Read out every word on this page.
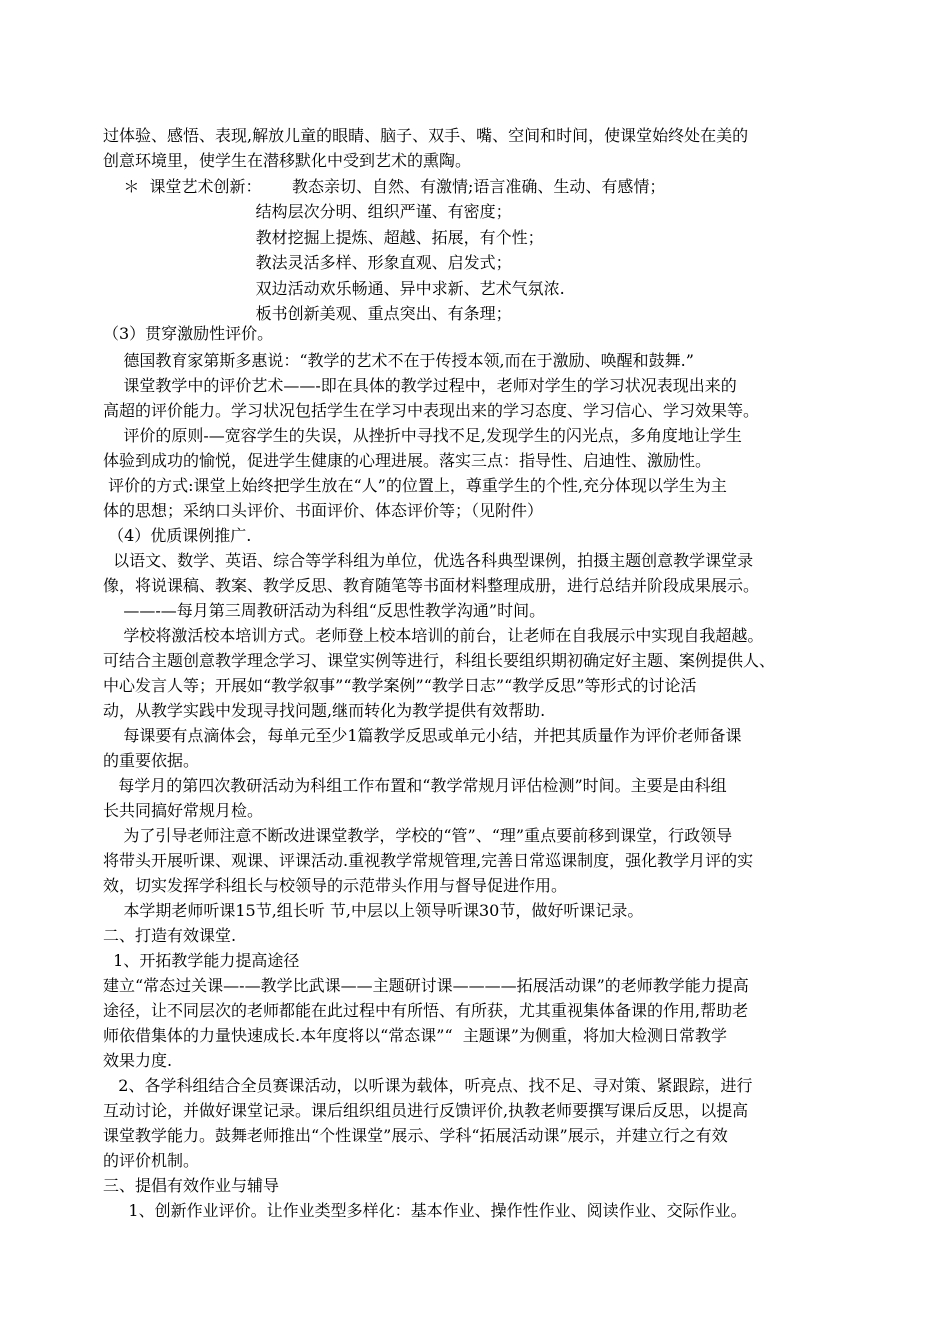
过体验、感悟、表现,解放儿童的眼睛、脑子、双手、嘴、空间和时间，使课堂始终处在美的
创意环境里，使学生在潜移默化中受到艺术的熏陶。
＊  课堂艺术创新：      教态亲切、自然、有激情;语言准确、生动、有感情；
结构层次分明、组织严谨、有密度；
教材挖掘上提炼、超越、拓展，有个性；
教法灵活多样、形象直观、启发式；
双边活动欢乐畅通、异中求新、艺术气氛浓.
板书创新美观、重点突出、有条理；
（3）贯穿激励性评价。
德国教育家第斯多惠说：“教学的艺术不在于传授本领,而在于激励、唤醒和鼓舞.”
课堂教学中的评价艺术——-即在具体的教学过程中，老师对学生的学习状况表现出来的
高超的评价能力。学习状况包括学生在学习中表现出来的学习态度、学习信心、学习效果等。
评价的原则-—宽容学生的失误，从挫折中寻找不足,发现学生的闪光点，多角度地让学生
体验到成功的愉悦，促进学生健康的心理进展。落实三点：指导性、启迪性、激励性。
评价的方式:课堂上始终把学生放在“人”的位置上，尊重学生的个性,充分体现以学生为主
体的思想；采纳口头评价、书面评价、体态评价等；（见附件）
（4）优质课例推广.
以语文、数学、英语、综合等学科组为单位，优选各科典型课例，拍摄主题创意教学课堂录
像，将说课稿、教案、教学反思、教育随笔等书面材料整理成册，进行总结并阶段成果展示。
——-—每月第三周教研活动为科组“反思性教学沟通”时间。
学校将激活校本培训方式。老师登上校本培训的前台，让老师在自我展示中实现自我超越。
可结合主题创意教学理念学习、课堂实例等进行，科组长要组织期初确定好主题、案例提供人、
中心发言人等；开展如“教学叙事”“教学案例”“教学日志”“教学反思”等形式的讨论活
动，从教学实践中发现寻找问题,继而转化为教学提供有效帮助.
每课要有点滴体会，每单元至少1篇教学反思或单元小结，并把其质量作为评价老师备课
的重要依据。
每学月的第四次教研活动为科组工作布置和“教学常规月评估检测”时间。主要是由科组
长共同搞好常规月检。
为了引导老师注意不断改进课堂教学，学校的“管”、“理”重点要前移到课堂，行政领导
将带头开展听课、观课、评课活动.重视教学常规管理,完善日常巡课制度，强化教学月评的实
效，切实发挥学科组长与校领导的示范带头作用与督导促进作用。
本学期老师听课15节,组长听 节,中层以上领导听课30节，做好听课记录。
二、打造有效课堂.
1、开拓教学能力提高途径
建立“常态过关课—-—教学比武课——主题研讨课————拓展活动课”的老师教学能力提高
途径，让不同层次的老师都能在此过程中有所悟、有所获，尤其重视集体备课的作用,帮助老
师依借集体的力量快速成长.本年度将以“常态课”“  主题课”为侧重，将加大检测日常教学
效果力度.
2、各学科组结合全员赛课活动，以听课为载体，听亮点、找不足、寻对策、紧跟踪，进行
互动讨论，并做好课堂记录。课后组织组员进行反馈评价,执教老师要撰写课后反思，以提高
课堂教学能力。鼓舞老师推出“个性课堂”展示、学科“拓展活动课”展示，并建立行之有效
的评价机制。
三、提倡有效作业与辅导
1、创新作业评价。让作业类型多样化：基本作业、操作性作业、阅读作业、交际作业。
